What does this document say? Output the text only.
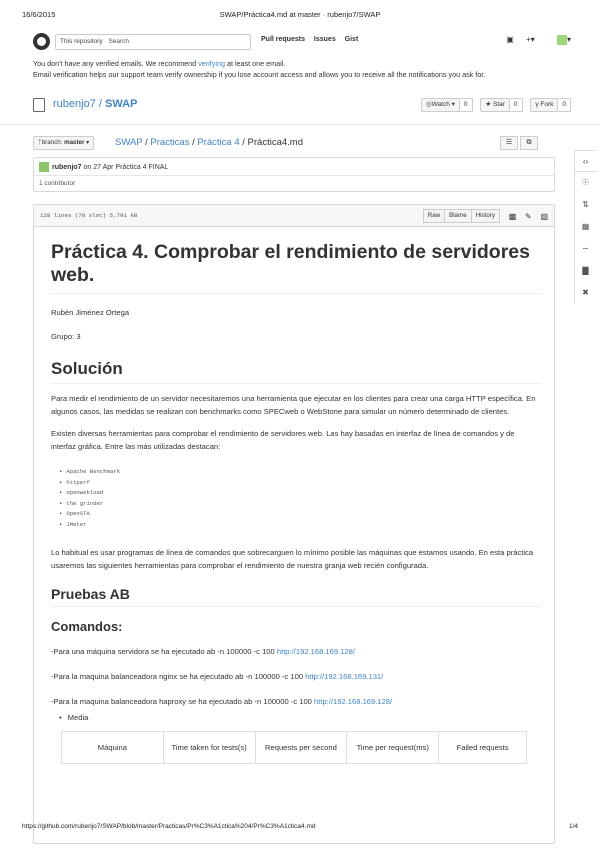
16/6/2015	SWAP/Práctica4.md at master · rubenjo7/SWAP
This repository Search	Pull requests Issues Gist	▣ +▾	▾
You don't have any verified emails. We recommend verifying at least one email.
Email verification helps our support team verify ownership if you lose account access and allows you to receive all the notifications you ask for.
rubenjo7 / SWAP	◎Watch ▾ 0	★ Star 0	γ Fork 0
ᛉbranch: master ▾	SWAP / Practicas / Práctica 4 / Práctica4.md	☰ ⧉
‹›
☉
⇅
▦
∼
▇
✖
rubenjo7 on 27 Apr Práctica 4 FINAL
1 contributor
128 lines (78 sloc) 5.791 kB	Raw Blame History ▩ ✎ ▧
Práctica 4. Comprobar el rendimiento de servidores web.

Rubén Jiménez Ortega

Grupo: 3

Solución

Para medir el rendimiento de un servidor necesitaremos una herramienta que ejecutar en los clientes para crear una carga HTTP específica. En algunos casos, las medidas se realizan con benchmarks como SPECweb o WebStone para simular un número determinado de clientes.

Existen diversas herramientas para comprobar el rendimiento de servidores web. Las hay basadas en interfaz de línea de comandos y de interfaz gráfica. Entre las más utilizadas destacan:

• Apache Benchmark
• httperf
• openwebload
• the grinder
• OpenSTA
• JMeter

Lo habitual es usar programas de línea de comandos que sobrecarguen lo mínimo posible las máquinas que estamos usando. En esta práctica usaremos las siguientes herramientas para comprobar el rendimiento de nuestra granja web recién configurada.

Pruebas AB
Comandos:

-Para una máquina servidora se ha ejecutado ab -n 100000 -c 100 http://192.168.169.128/

-Para la maquina balanceadora nginx se ha ejecutado ab -n 100000 -c 100 http://192.168.169.131/

-Para la maquina balanceadora haproxy se ha ejecutado ab -n 100000 -c 100 http://192.168.169.128/

• Media
Máquina	Time taken for tests(s)	Requests per second	Time per request(ms)	Failed requests
https://github.com/rubenjo7/SWAP/blob/master/Practicas/Pr%C3%A1ctica%204/Pr%C3%A1ctica4.md	1/4
